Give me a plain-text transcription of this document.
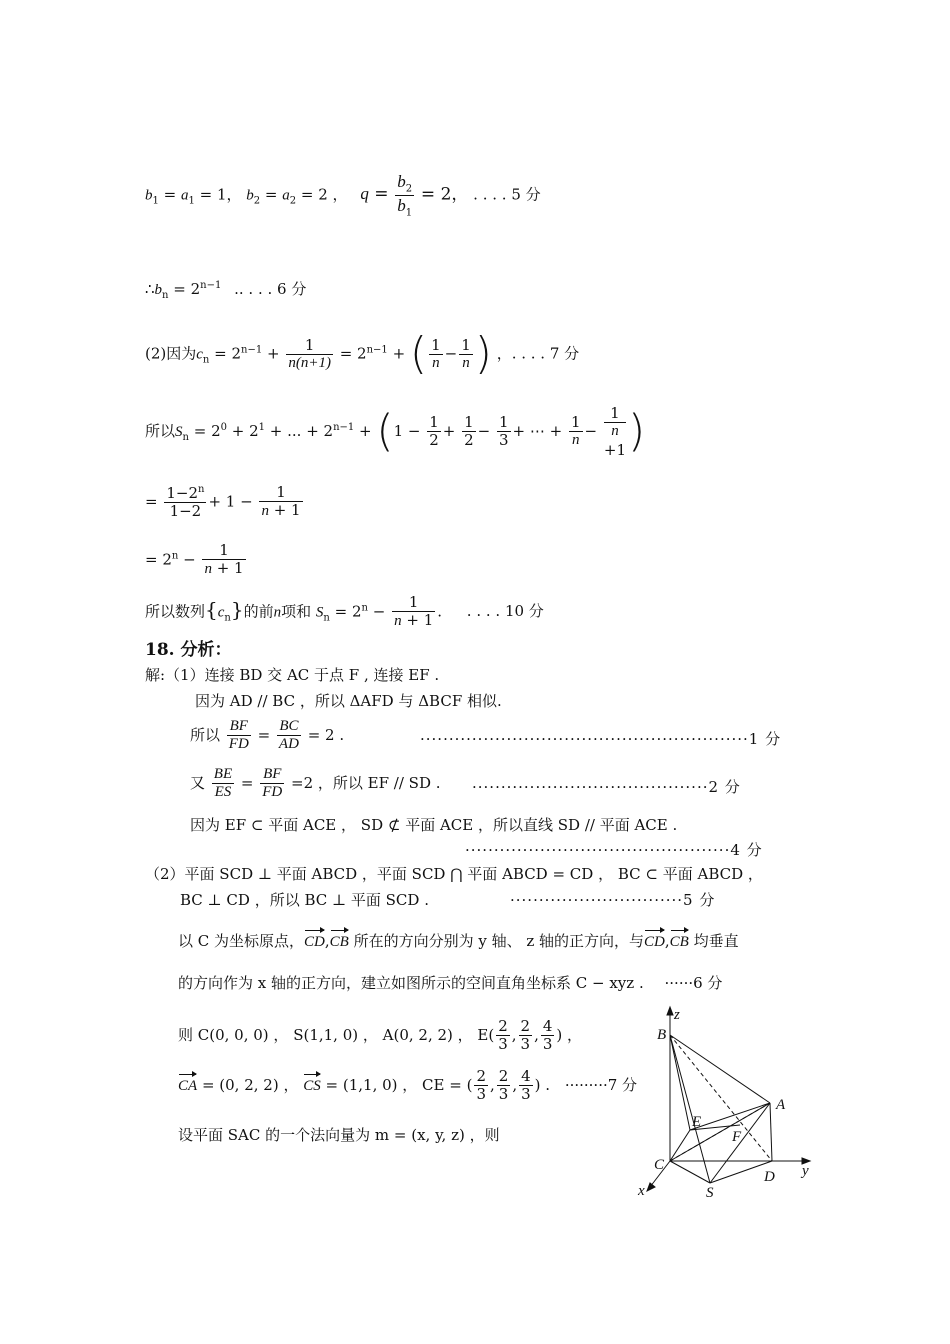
$b_1 = a_1 = 1$， $b_2 = a_2 = 2$ ， $q = \frac{b_2}{b_1} = 2$， . . . . 5 分
$\therefore b_n = 2^{n-1}$ .. . . . 6 分
(2)因为$c_n = 2^{n-1} + \frac{1}{n(n+1)} = 2^{n-1}$ + ( $\frac{1}{n} - \frac{1}{n}$ ) ，. . . . 7 分
所以$S_n = 2^0 + 2^1$ + ... + $2^{n-1} + (1 - \frac{1}{2} + \frac{1}{2} - \frac{1}{3}$ + ⋯ + $\frac{1}{n}$ −
1
n
+1)
= $\frac{1-2^n}{1-2} + 1 - \frac{1}{n + 1}$
= $2^n - \frac{1}{n + 1}$
所以数列$\{c_n\}$的前n项和 $S_n = 2^n - \frac{1}{n + 1}$ . . . . . 10 分
18. 分析：
解:（1）连接 BD 交 AC 于点 F , 连接 EF .
因为 AD // BC ，所以 ΔAFD 与 ΔBCF 相似.
所以 $\frac{BF}{FD} = \frac{BC}{AD} = 2$ .	·························································1 分
又 $\frac{BE}{ES} = \frac{BF}{FD} =2$ ，所以 EF // SD . ·········································2 分
因为 EF ⊂ 平面 ACE ， SD ⊄ 平面 ACE ，所以直线 SD // 平面 ACE .
··············································4 分
（2）平面 SCD ⊥ 平面 ABCD ，平面 SCD ⋂ 平面 ABCD = CD ， BC ⊂ 平面 ABCD ，
BC ⊥ CD ，所以 BC ⊥ 平面 SCD .	······························5 分
以 C 为坐标原点，CD,CB 所在的方向分别为 y 轴、 z 轴的正方向，与CD,CB 均垂直
的方向作为 x 轴的正方向，建立如图所示的空间直角坐标系 C − xyz . ······6 分
则 C(0, 0, 0) ， S(1,1, 0) ， A(0, 2, 2) ， $E( \frac{2}{3}$ , $\frac{2}{3}$ , $\frac{4}{3}$ ) ，
CA = (0, 2, 2) ， CS = (1,1, 0) ， CE = ( $\frac{2}{3}$ , $\frac{2}{3}$ , $\frac{4}{3}$ ) . ·········7 分
设平面 SAC 的一个法向量为 m = (x, y, z) ，则
z
B
A
E
F
C
D
S
y
x
